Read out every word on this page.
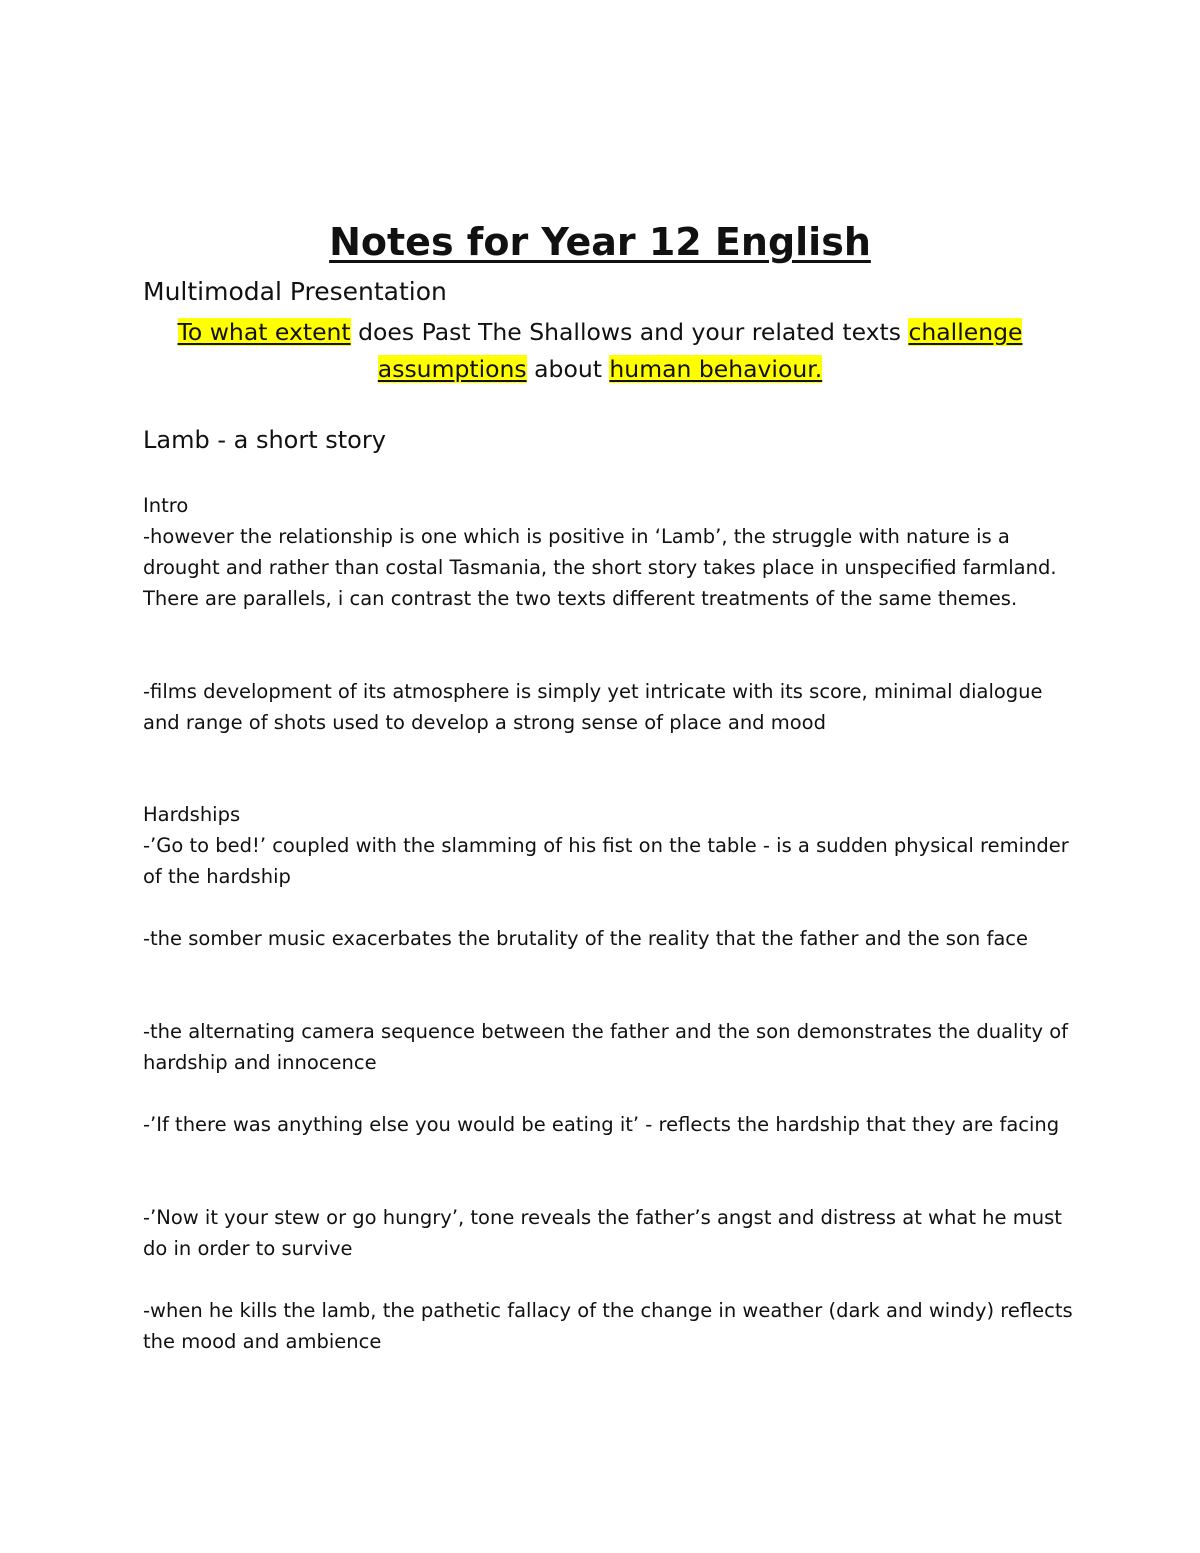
Notes for Year 12 English

Multimodal Presentation

To what extent does Past The Shallows and your related texts challenge assumptions about human behaviour.

Lamb - a short story

Intro

-however the relationship is one which is positive in ‘Lamb’, the struggle with nature is a drought and rather than costal Tasmania, the short story takes place in unspecified farmland. There are parallels, i can contrast the two texts different treatments of the same themes.

-films development of its atmosphere is simply yet intricate with its score, minimal dialogue and range of shots used to develop a strong sense of place and mood

Hardships

-’Go to bed!’ coupled with the slamming of his fist on the table - is a sudden physical reminder of the hardship

-the somber music exacerbates the brutality of the reality that the father and the son face

-the alternating camera sequence between the father and the son demonstrates the duality of hardship and innocence

-’If there was anything else you would be eating it’ - reflects the hardship that they are facing

-’Now it your stew or go hungry’, tone reveals the father’s angst and distress at what he must do in order to survive

-when he kills the lamb, the pathetic fallacy of the change in weather (dark and windy) reflects the mood and ambience
